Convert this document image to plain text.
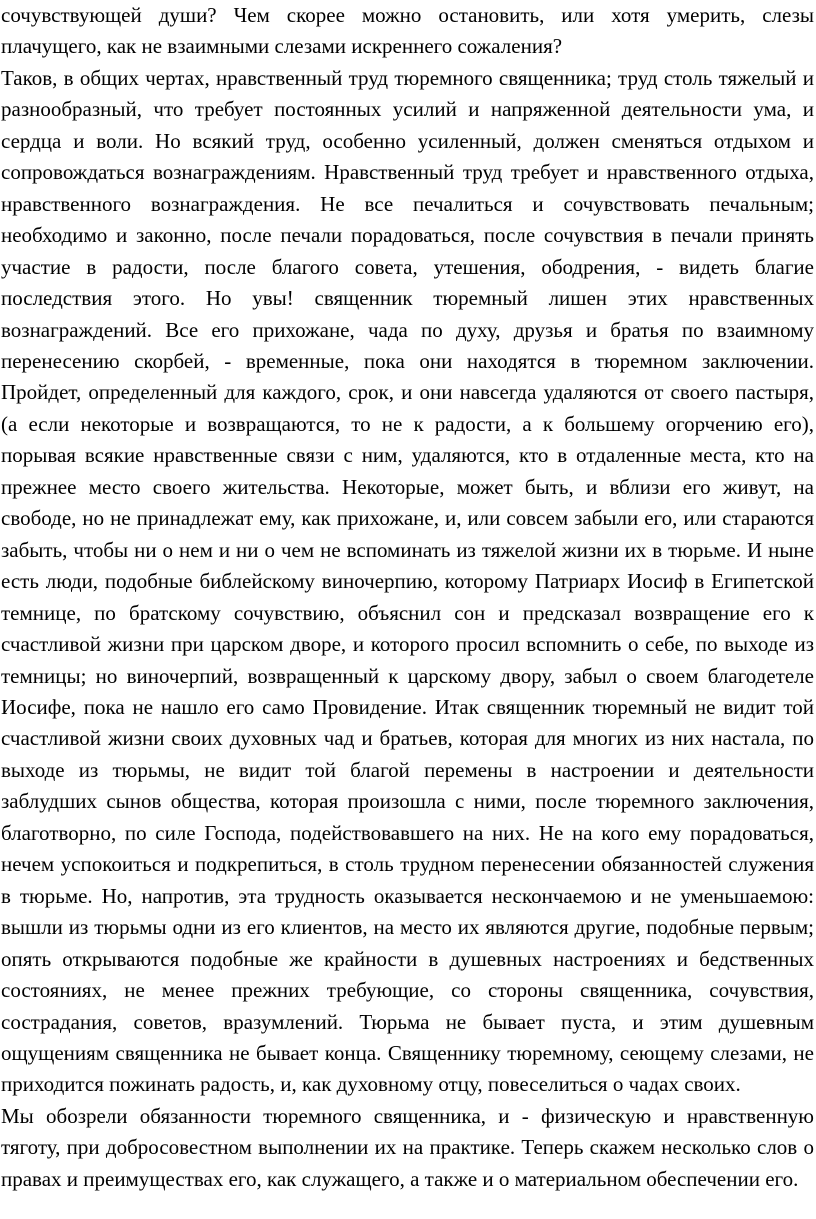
сочувствующей души? Чем скорее можно остановить, или хотя умерить, слезы плачущего, как не взаимными слезами искреннего сожаления?

Таков, в общих чертах, нравственный труд тюремного священника; труд столь тяжелый и разнообразный, что требует постоянных усилий и напряженной деятельности ума, и сердца и воли. Но всякий труд, особенно усиленный, должен сменяться отдыхом и сопровождаться вознаграждениям. Нравственный труд требует и нравственного отдыха, нравственного вознаграждения. Не все печалиться и сочувствовать печальным; необходимо и законно, после печали порадоваться, после сочувствия в печали принять участие в радости, после благого совета, утешения, ободрения, - видеть благие последствия этого. Но увы! священник тюремный лишен этих нравственных вознаграждений. Все его прихожане, чада по духу, друзья и братья по взаимному перенесению скорбей, - временные, пока они находятся в тюремном заключении. Пройдет, определенный для каждого, срок, и они навсегда удаляются от своего пастыря, (а если некоторые и возвращаются, то не к радости, а к большему огорчению его), порывая всякие нравственные связи с ним, удаляются, кто в отдаленные места, кто на прежнее место своего жительства. Некоторые, может быть, и вблизи его живут, на свободе, но не принадлежат ему, как прихожане, и, или совсем забыли его, или стараются забыть, чтобы ни о нем и ни о чем не вспоминать из тяжелой жизни их в тюрьме. И ныне есть люди, подобные библейскому виночерпию, которому Патриарх Иосиф в Египетской темнице, по братскому сочувствию, объяснил сон и предсказал возвращение его к счастливой жизни при царском дворе, и которого просил вспомнить о себе, по выходе из темницы; но виночерпий, возвращенный к царскому двору, забыл о своем благодетеле Иосифе, пока не нашло его само Провидение. Итак священник тюремный не видит той счастливой жизни своих духовных чад и братьев, которая для многих из них настала, по выходе из тюрьмы, не видит той благой перемены в настроении и деятельности заблудших сынов общества, которая произошла с ними, после тюремного заключения, благотворно, по силе Господа, подействовавшего на них. Не на кого ему порадоваться, нечем успокоиться и подкрепиться, в столь трудном перенесении обязанностей служения в тюрьме. Но, напротив, эта трудность оказывается нескончаемою и не уменьшаемою: вышли из тюрьмы одни из его клиентов, на место их являются другие, подобные первым; опять открываются подобные же крайности в душевных настроениях и бедственных состояниях, не менее прежних требующие, со стороны священника, сочувствия, сострадания, советов, вразумлений. Тюрьма не бывает пуста, и этим душевным ощущениям священника не бывает конца. Священнику тюремному, сеющему слезами, не приходится пожинать радость, и, как духовному отцу, повеселиться о чадах своих.

Мы обозрели обязанности тюремного священника, и - физическую и нравственную тяготу, при добросовестном выполнении их на практике. Теперь скажем несколько слов о правах и преимуществах его, как служащего, а также и о материальном обеспечении его.
